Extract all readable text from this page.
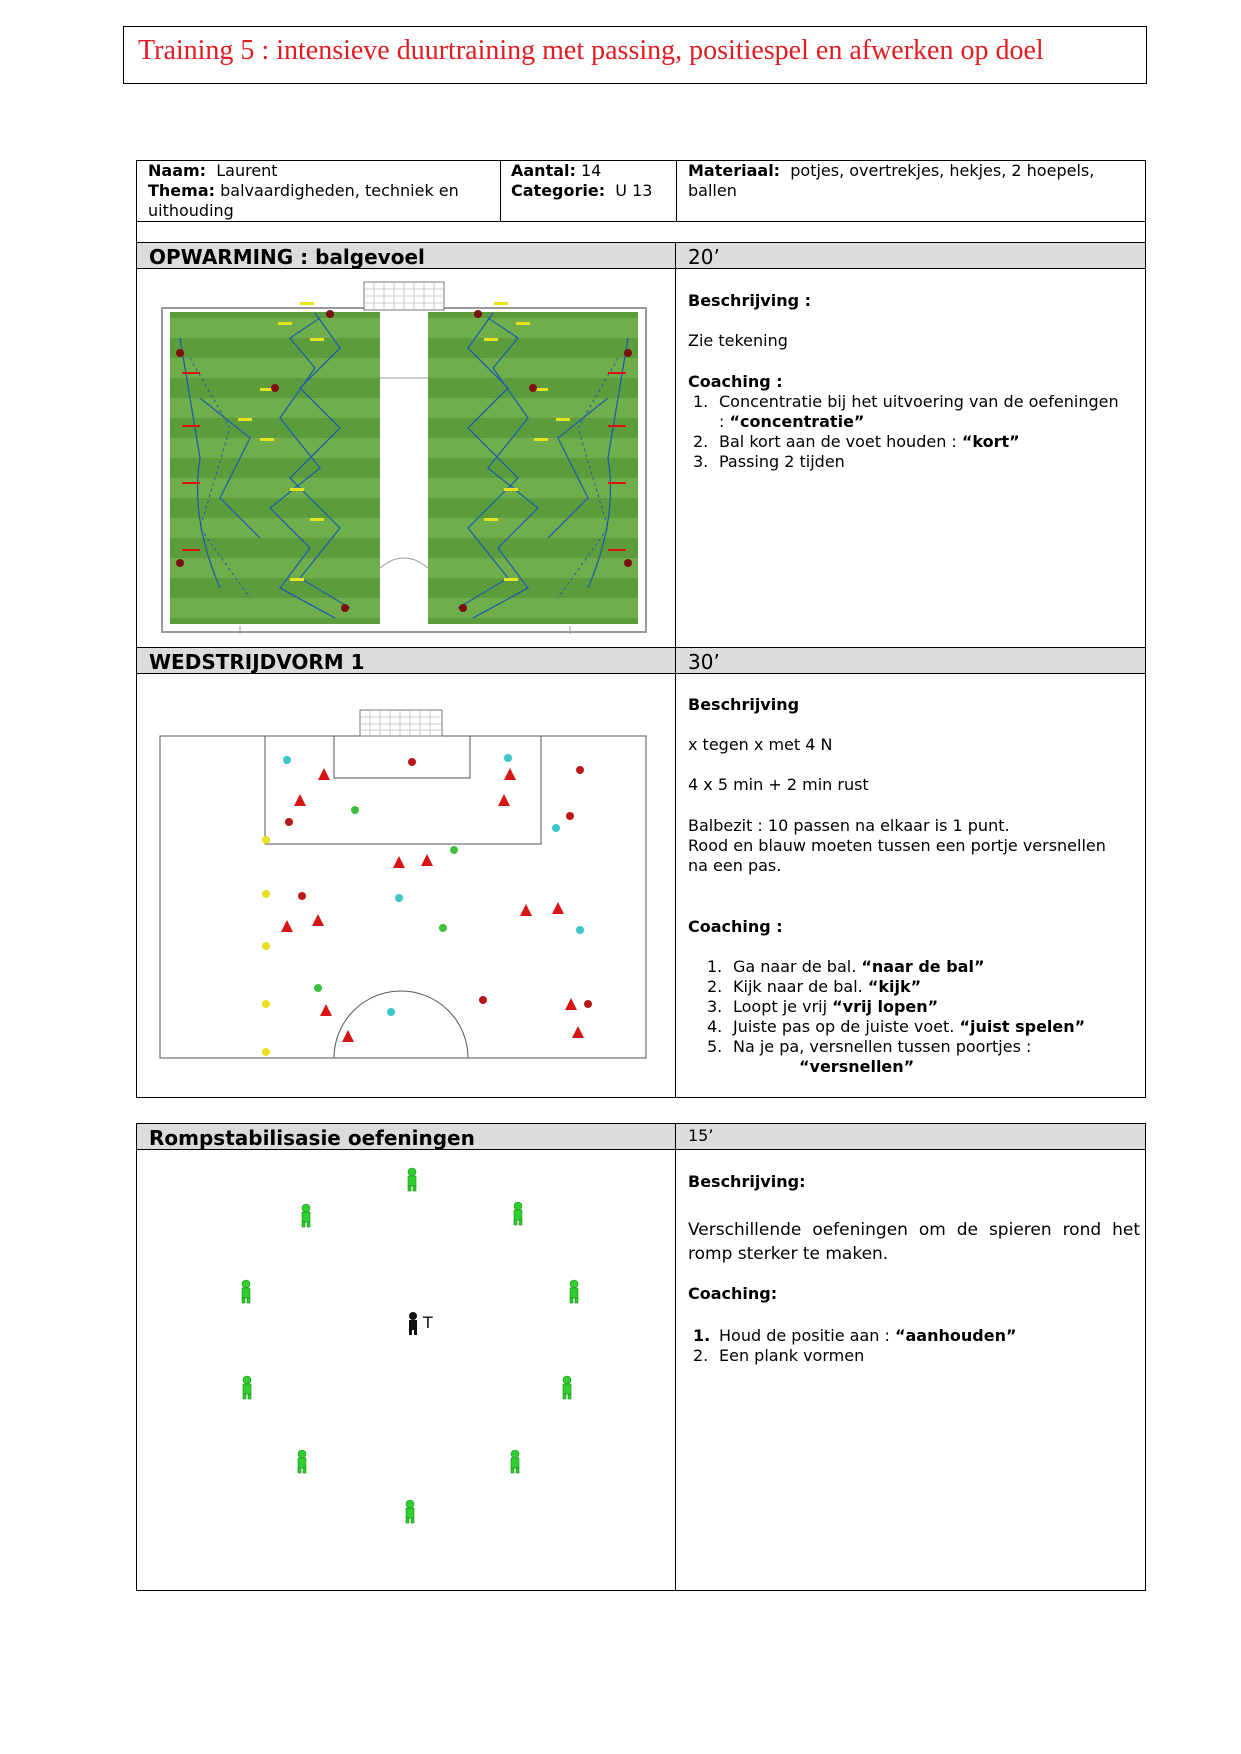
Training 5 : intensieve duurtraining met passing, positiespel en afwerken op doel
Naam: Laurent
Thema: balvaardigheden, techniek en
uithouding
Aantal: 14
Categorie: U 13
Materiaal: potjes, overtrekjes, hekjes, 2 hoepels,
ballen
OPWARMING : balgevoel	20’
Beschrijving :
Zie tekening
Coaching :
1. Concentratie bij het uitvoering van de oefeningen
: “concentratie”
2. Bal kort aan de voet houden : “kort”
3. Passing 2 tijden
WEDSTRIJDVORM 1	30’
Beschrijving
x tegen x met 4 N
4 x 5 min + 2 min rust
Balbezit : 10 passen na elkaar is 1 punt.
Rood en blauw moeten tussen een portje versnellen
na een pas.
Coaching :
1. Ga naar de bal. “naar de bal”
2. Kijk naar de bal. “kijk”
3. Loopt je vrij “vrij lopen”
4. Juiste pas op de juiste voet. “juist spelen”
5. Na je pa, versnellen tussen poortjes :
“versnellen”
Rompstabilisasie oefeningen	15’
T
Beschrijving:
Verschillende oefeningen om de spieren rond het romp sterker te maken.
Coaching:
1. Houd de positie aan : “aanhouden”
2. Een plank vormen
